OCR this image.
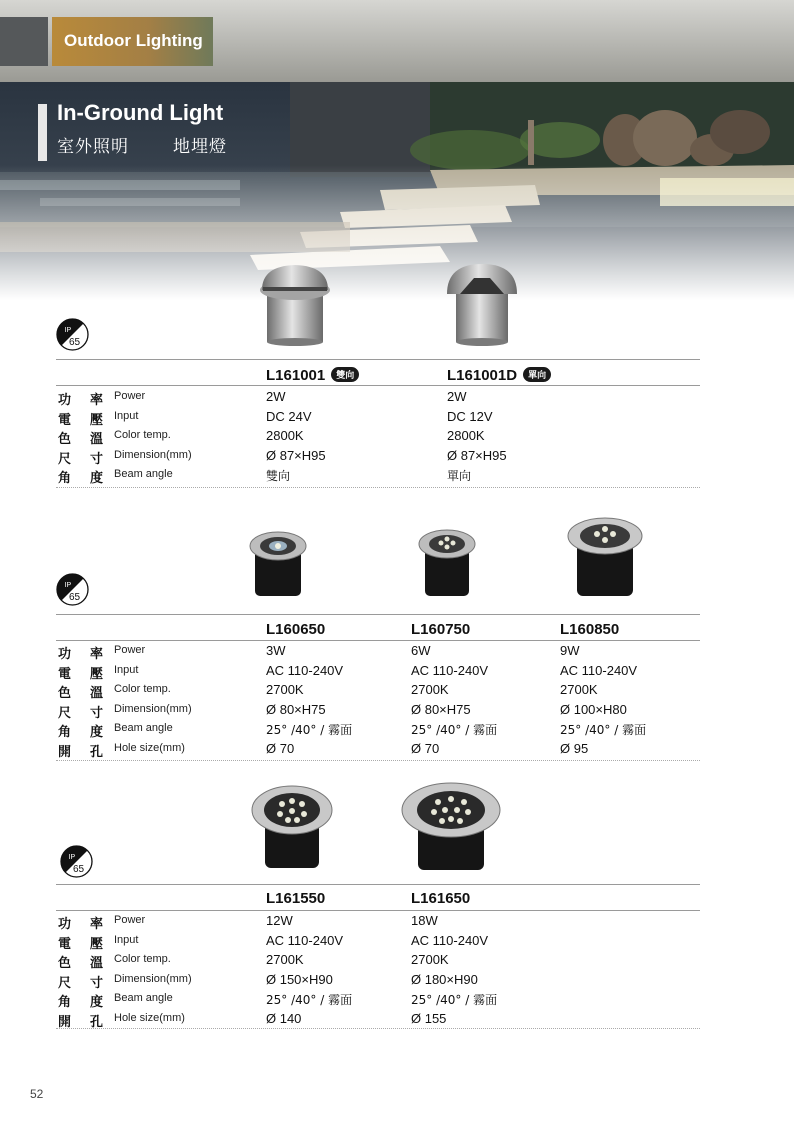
Outdoor Lighting
In-Ground Light
室外照明	地埋燈
IP
65
L161001 雙向	L161001D 單向
功 率 Power	2W	2W
電 壓 Input	DC 24V	DC 12V
色 溫 Color temp.	2800K	2800K
尺 寸 Dimension(mm)	Ø 87×H95	Ø 87×H95
角 度 Beam angle	雙向	單向
IP
65
L160650	L160750	L160850
功 率 Power	3W	6W	9W
電 壓 Input	AC 110-240V	AC 110-240V	AC 110-240V
色 溫 Color temp.	2700K	2700K	2700K
尺 寸 Dimension(mm)	Ø 80×H75	Ø 80×H75	Ø 100×H80
角 度 Beam angle	25° /40° / 霧面	25° /40° / 霧面	25° /40° / 霧面
開 孔 Hole size(mm)	Ø 70	Ø 70	Ø 95
IP
65
L161550	L161650
功 率 Power	12W	18W
電 壓 Input	AC 110-240V	AC 110-240V
色 溫 Color temp.	2700K	2700K
尺 寸 Dimension(mm)	Ø 150×H90	Ø 180×H90
角 度 Beam angle	25° /40° / 霧面	25° /40° / 霧面
開 孔 Hole size(mm)	Ø 140	Ø 155
52
